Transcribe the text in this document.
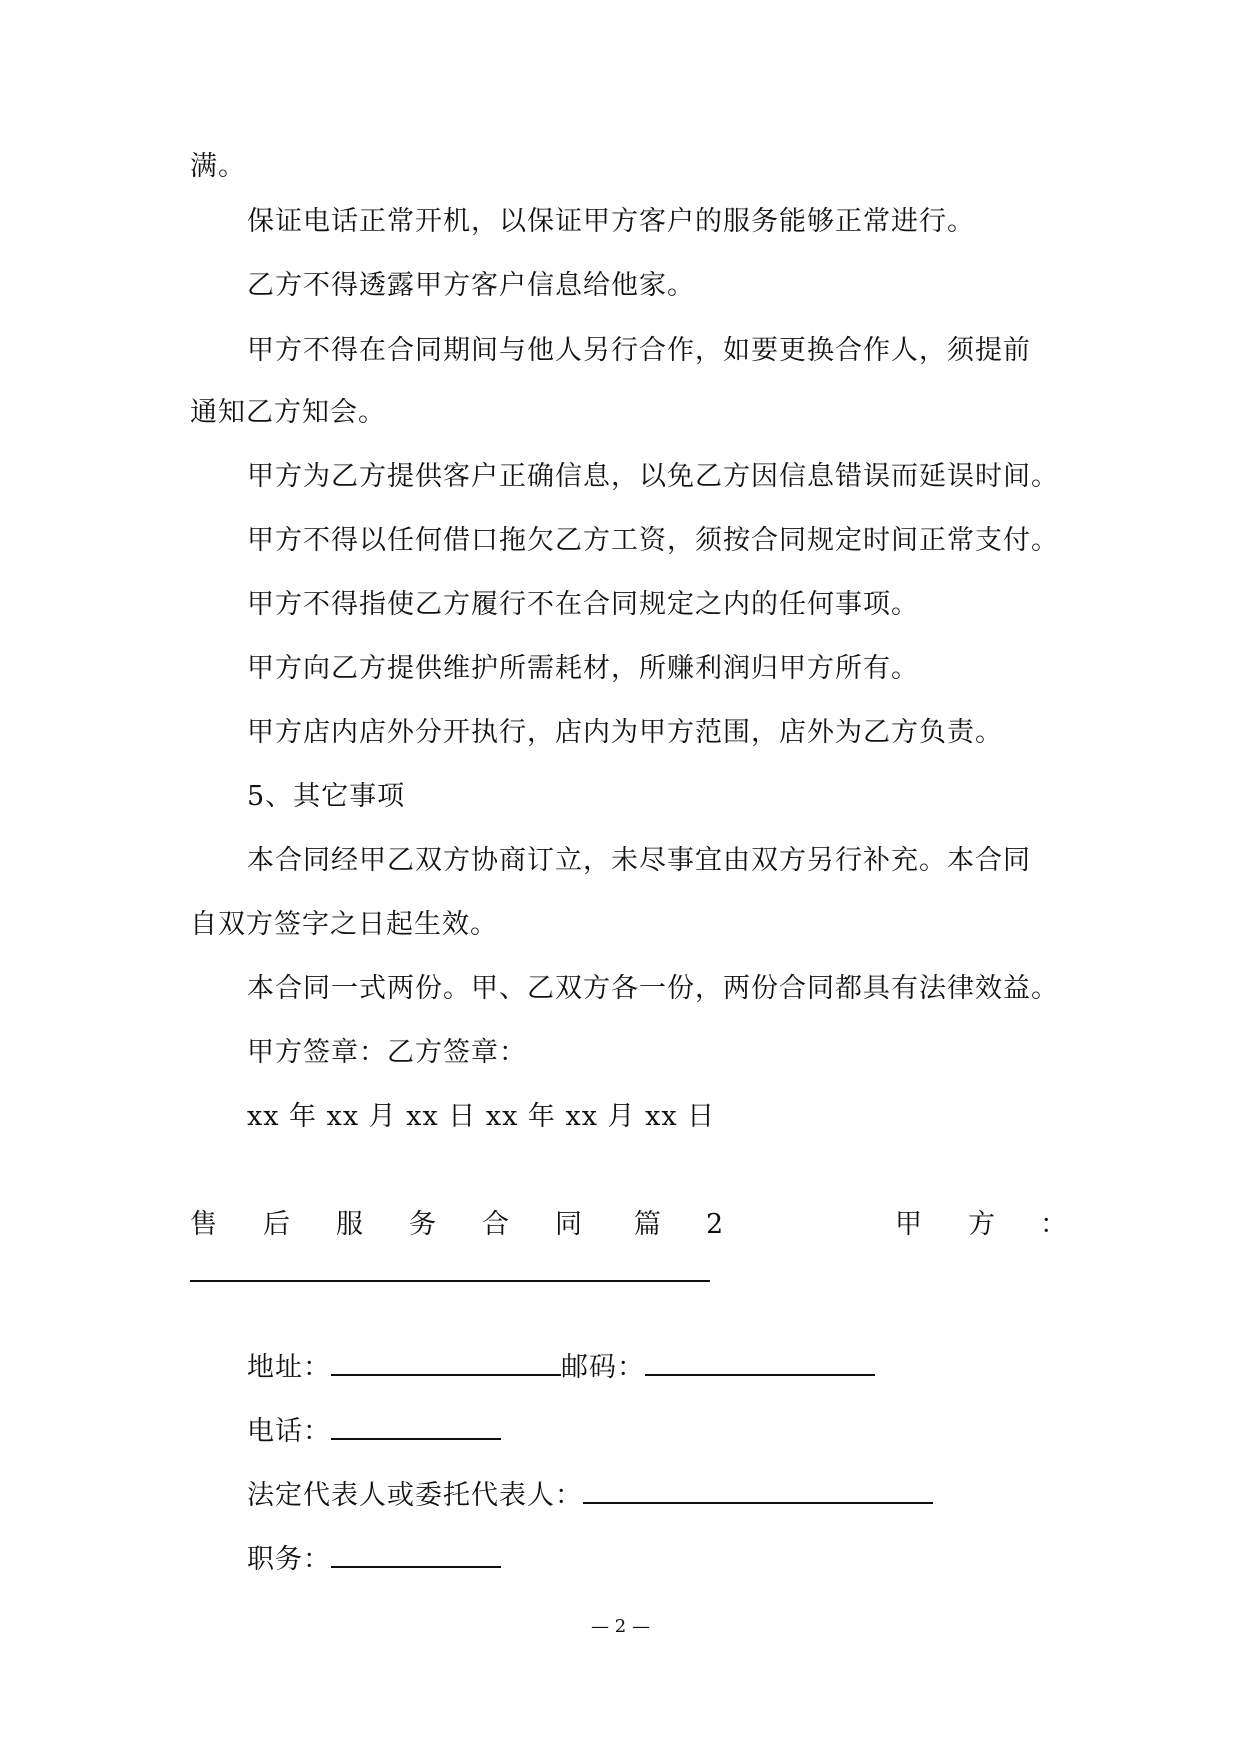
满。
保证电话正常开机，以保证甲方客户的服务能够正常进行。
乙方不得透露甲方客户信息给他家。
甲方不得在合同期间与他人另行合作，如要更换合作人，须提前
通知乙方知会。
甲方为乙方提供客户正确信息，以免乙方因信息错误而延误时间。
甲方不得以任何借口拖欠乙方工资，须按合同规定时间正常支付。
甲方不得指使乙方履行不在合同规定之内的任何事项。
甲方向乙方提供维护所需耗材，所赚利润归甲方所有。
甲方店内店外分开执行，店内为甲方范围，店外为乙方负责。
5、其它事项
本合同经甲乙双方协商订立，未尽事宜由双方另行补充。本合同
自双方签字之日起生效。
本合同一式两份。甲、乙双方各一份，两份合同都具有法律效益。
甲方签章：乙方签章：
xx 年 xx 月 xx 日 xx 年 xx 月 xx 日
售 后 服 务 合 同 篇 2	甲 方 ：
地址：	邮码：
电话：
法定代表人或委托代表人：
职务：
— 2 —
